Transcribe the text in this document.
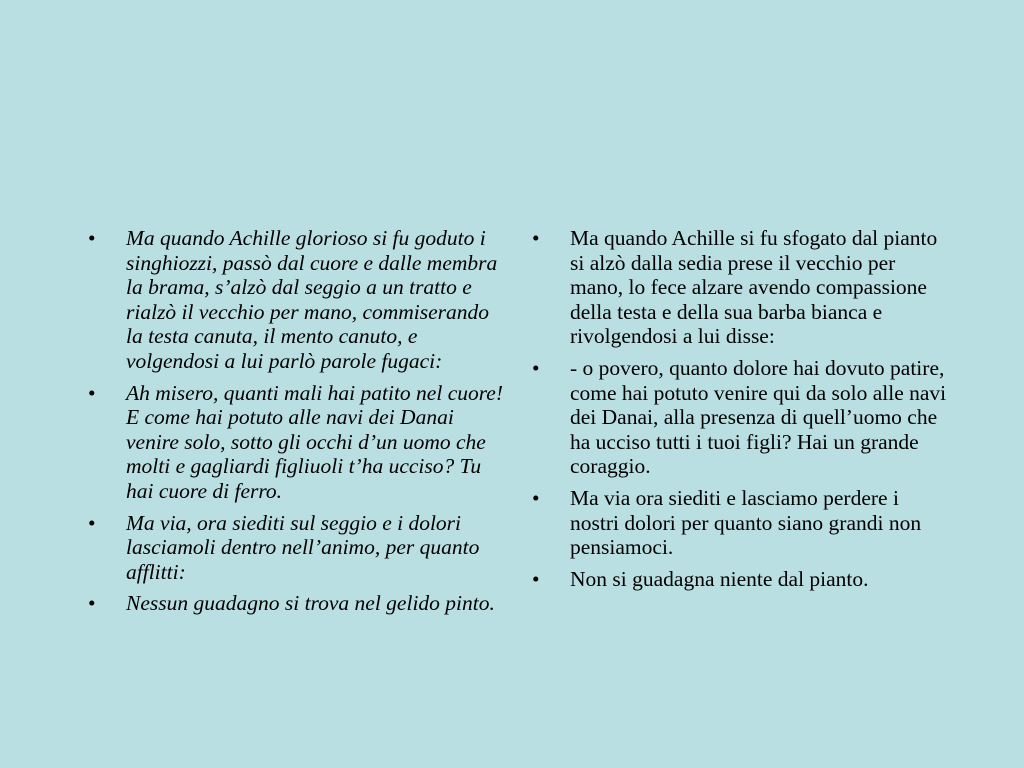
• Ma quando Achille glorioso si fu goduto i singhiozzi, passò dal cuore e dalle membra la brama, s’alzò dal seggio a un tratto e rialzò il vecchio per mano, commiserando la testa canuta, il mento canuto, e volgendosi a lui parlò parole fugaci:
• Ah misero, quanti mali hai patito nel cuore! E come hai potuto alle navi dei Danai venire solo, sotto gli occhi d’un uomo che molti e gagliardi figliuoli t’ha ucciso? Tu hai cuore di ferro.
• Ma via, ora siediti sul seggio e i dolori lasciamoli dentro nell’animo, per quanto afflitti:
• Nessun guadagno si trova nel gelido pinto.
• Ma quando Achille si fu sfogato dal pianto si alzò dalla sedia prese il vecchio per mano, lo fece alzare avendo compassione della testa e della sua barba bianca e rivolgendosi a lui disse:
• - o povero, quanto dolore hai dovuto patire, come hai potuto venire qui da solo alle navi dei Danai, alla presenza di quell’uomo che ha ucciso tutti i tuoi figli? Hai un grande coraggio.
• Ma via ora siediti e lasciamo perdere i nostri dolori per quanto siano grandi non pensiamoci.
• Non si guadagna niente dal pianto.
